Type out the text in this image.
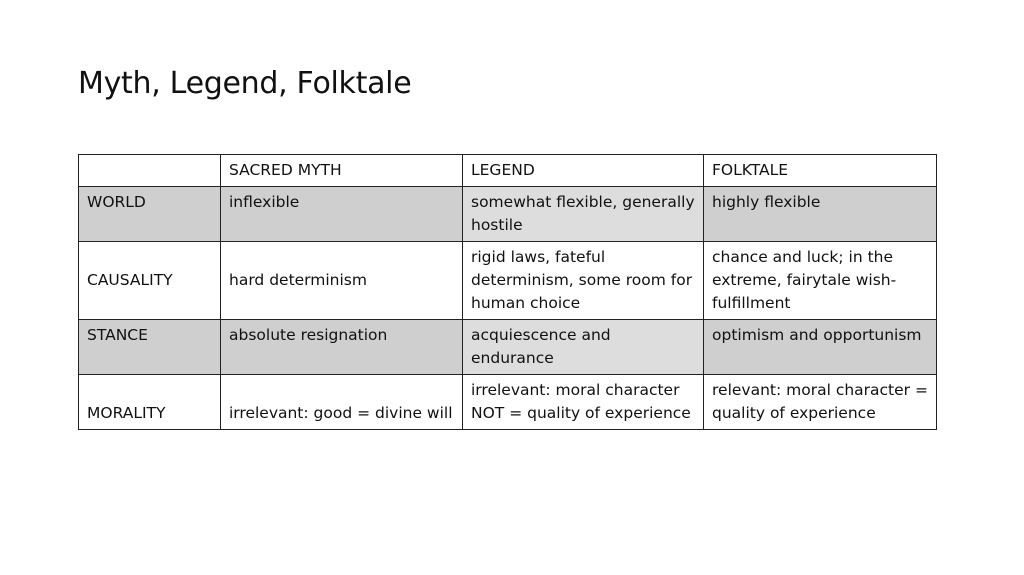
Myth, Legend, Folktale
	SACRED MYTH	LEGEND	FOLKTALE
WORLD	inflexible	somewhat flexible, generally hostile	highly flexible
CAUSALITY	hard determinism	rigid laws, fateful determinism, some room for human choice	chance and luck; in the extreme, fairytale wish-fulfillment
STANCE	absolute resignation	acquiescence and endurance	optimism and opportunism
MORALITY	irrelevant: good = divine will	irrelevant: moral character NOT = quality of experience	relevant: moral character = quality of experience
